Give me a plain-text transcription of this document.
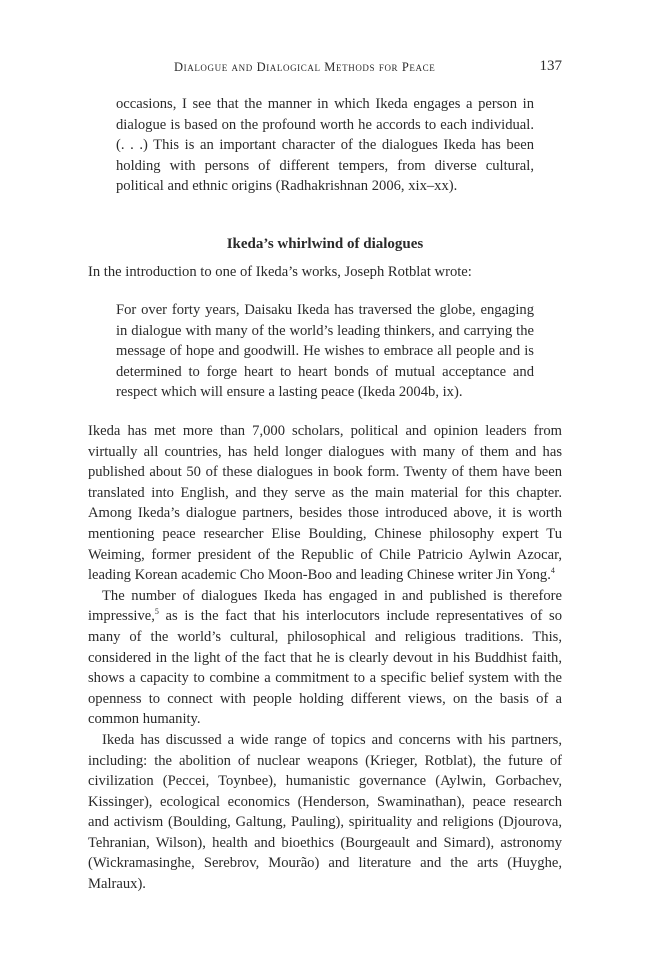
Dialogue and Dialogical Methods for Peace	137
occasions, I see that the manner in which Ikeda engages a person in dialogue is based on the profound worth he accords to each individual. (. . .) This is an important character of the dialogues Ikeda has been holding with persons of different tempers, from diverse cultural, political and ethnic origins (Radhakrishnan 2006, xix–xx).
Ikeda’s whirlwind of dialogues
In the introduction to one of Ikeda’s works, Joseph Rotblat wrote:
For over forty years, Daisaku Ikeda has traversed the globe, engaging in dialogue with many of the world’s leading thinkers, and carrying the message of hope and goodwill. He wishes to embrace all people and is determined to forge heart to heart bonds of mutual acceptance and respect which will ensure a lasting peace (Ikeda 2004b, ix).

Ikeda has met more than 7,000 scholars, political and opinion leaders from virtually all countries, has held longer dialogues with many of them and has published about 50 of these dialogues in book form. Twenty of them have been translated into English, and they serve as the main material for this chapter. Among Ikeda’s dialogue partners, besides those introduced above, it is worth mentioning peace researcher Elise Boulding, Chinese philosophy expert Tu Weiming, former president of the Republic of Chile Patricio Aylwin Azocar, leading Korean academic Cho Moon-Boo and leading Chinese writer Jin Yong.$^4$

The number of dialogues Ikeda has engaged in and published is therefore impressive,$^5$ as is the fact that his interlocutors include representatives of so many of the world’s cultural, philosophical and religious traditions. This, considered in the light of the fact that he is clearly devout in his Buddhist faith, shows a capacity to combine a commitment to a specific belief system with the openness to connect with people holding different views, on the basis of a common humanity.

Ikeda has discussed a wide range of topics and concerns with his partners, including: the abolition of nuclear weapons (Krieger, Rotblat), the future of civilization (Peccei, Toynbee), humanistic governance (Aylwin, Gorbachev, Kissinger), ecological economics (Henderson, Swaminathan), peace research and activism (Boulding, Galtung, Pauling), spirituality and religions (Djourova, Tehranian, Wilson), health and bioethics (Bourgeault and Simard), astronomy (Wickramasinghe, Serebrov, Mourão) and literature and the arts (Huyghe, Malraux).
